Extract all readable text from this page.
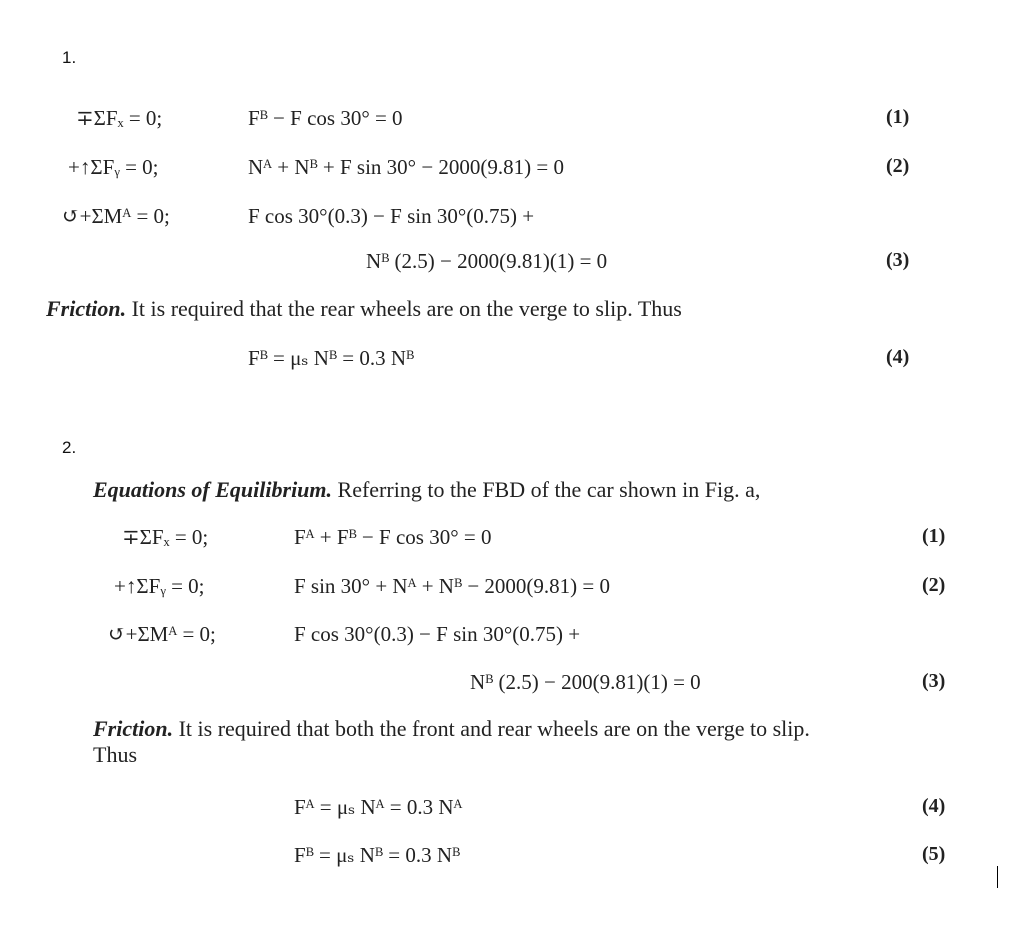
1.
∓ΣFₓ = 0;	Fᴮ − F cos 30° = 0	(1)
+↑ΣFᵧ = 0;	Nᴬ + Nᴮ + F sin 30° − 2000(9.81) = 0	(2)
↺+ΣMᴬ = 0;	F cos 30°(0.3) − F sin 30°(0.75) +
Nᴮ (2.5) − 2000(9.81)(1) = 0	(3)
Friction. It is required that the rear wheels are on the verge to slip. Thus
Fᴮ = μₛ Nᴮ = 0.3 Nᴮ	(4)
2.
Equations of Equilibrium. Referring to the FBD of the car shown in Fig. a,
∓ΣFₓ = 0;	Fᴬ + Fᴮ − F cos 30° = 0	(1)
+↑ΣFᵧ = 0;	F sin 30° + Nᴬ + Nᴮ − 2000(9.81) = 0	(2)
↺+ΣMᴬ = 0;	F cos 30°(0.3) − F sin 30°(0.75) +
Nᴮ (2.5) − 200(9.81)(1) = 0	(3)
Friction. It is required that both the front and rear wheels are on the verge to slip.
Thus
Fᴬ = μₛ Nᴬ = 0.3 Nᴬ	(4)
Fᴮ = μₛ Nᴮ = 0.3 Nᴮ	(5)
